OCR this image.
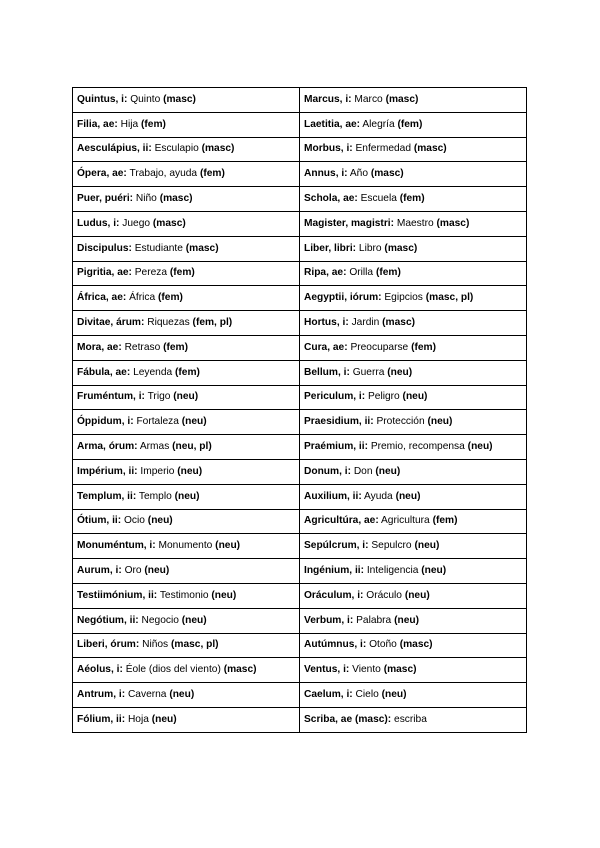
Quintus, i: Quinto (masc)	Marcus, i: Marco (masc)
Filia, ae: Hija (fem)	Laetitia, ae: Alegría (fem)
Aesculápius, ii: Esculapio (masc)	Morbus, i: Enfermedad (masc)
Ópera, ae: Trabajo, ayuda (fem)	Annus, i: Año (masc)
Puer, puéri: Niño (masc)	Schola, ae: Escuela (fem)
Ludus, i: Juego (masc)	Magister, magistri: Maestro (masc)
Discipulus: Estudiante (masc)	Liber, libri: Libro (masc)
Pigritia, ae: Pereza (fem)	Ripa, ae: Orilla (fem)
África, ae: África (fem)	Aegyptii, iórum: Egipcios (masc, pl)
Divitae, árum: Riquezas (fem, pl)	Hortus, i: Jardin (masc)
Mora, ae: Retraso (fem)	Cura, ae: Preocuparse (fem)
Fábula, ae: Leyenda (fem)	Bellum, i: Guerra (neu)
Fruméntum, i: Trigo (neu)	Periculum, i: Peligro (neu)
Óppidum, i: Fortaleza (neu)	Praesidium, ii: Protección (neu)
Arma, órum: Armas (neu, pl)	Praémium, ii: Premio, recompensa (neu)
Impérium, ii: Imperio (neu)	Donum, i: Don (neu)
Templum, ii: Templo (neu)	Auxilium, ii: Ayuda (neu)
Ótium, ii: Ocio (neu)	Agricultúra, ae: Agricultura (fem)
Monuméntum, i: Monumento (neu)	Sepúlcrum, i: Sepulcro (neu)
Aurum, i: Oro (neu)	Ingénium, ii: Inteligencia (neu)
Testiimónium, ii: Testimonio (neu)	Oráculum, i: Oráculo (neu)
Negótium, ii: Negocio (neu)	Verbum, i: Palabra (neu)
Liberi, órum: Niños (masc, pl)	Autúmnus, i: Otoño (masc)
Aéolus, i: Éole (dios del viento) (masc)	Ventus, i: Viento (masc)
Antrum, i: Caverna (neu)	Caelum, i: Cielo (neu)
Fólium, ii: Hoja (neu)	Scriba, ae (masc): escriba
